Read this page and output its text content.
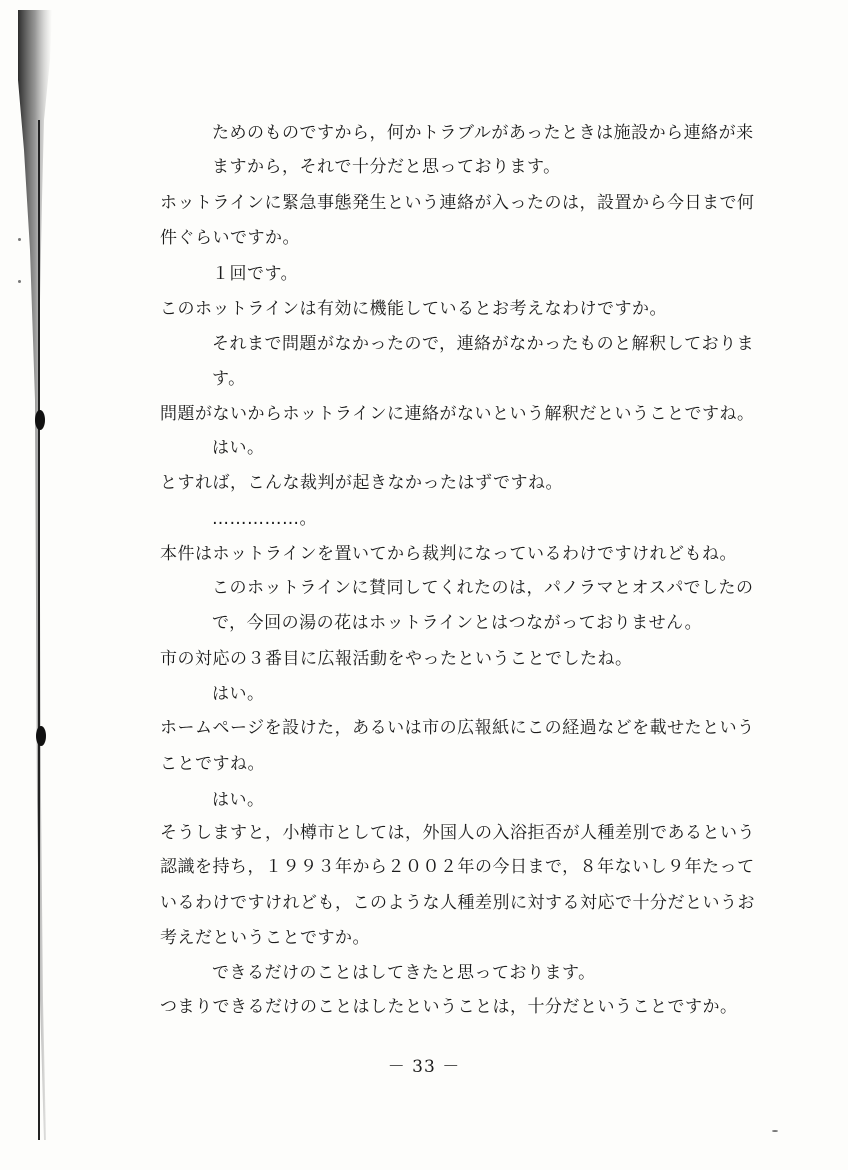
ためのものですから，何かトラブルがあったときは施設から連絡が来
ますから，それで十分だと思っております。
ホットラインに緊急事態発生という連絡が入ったのは，設置から今日まで何
件ぐらいですか。
１回です。
このホットラインは有効に機能しているとお考えなわけですか。
それまで問題がなかったので，連絡がなかったものと解釈しておりま
す。
問題がないからホットラインに連絡がないという解釈だということですね。
はい。
とすれば，こんな裁判が起きなかったはずですね。
……………。
本件はホットラインを置いてから裁判になっているわけですけれどもね。
このホットラインに賛同してくれたのは，パノラマとオスパでしたの
で，今回の湯の花はホットラインとはつながっておりません。
市の対応の３番目に広報活動をやったということでしたね。
はい。
ホームページを設けた，あるいは市の広報紙にこの経過などを載せたという
ことですね。
はい。
そうしますと，小樽市としては，外国人の入浴拒否が人種差別であるという
認識を持ち，１９９３年から２００２年の今日まで，８年ないし９年たって
いるわけですけれども，このような人種差別に対する対応で十分だというお
考えだということですか。
できるだけのことはしてきたと思っております。
つまりできるだけのことはしたということは，十分だということですか。
－ 33 －
